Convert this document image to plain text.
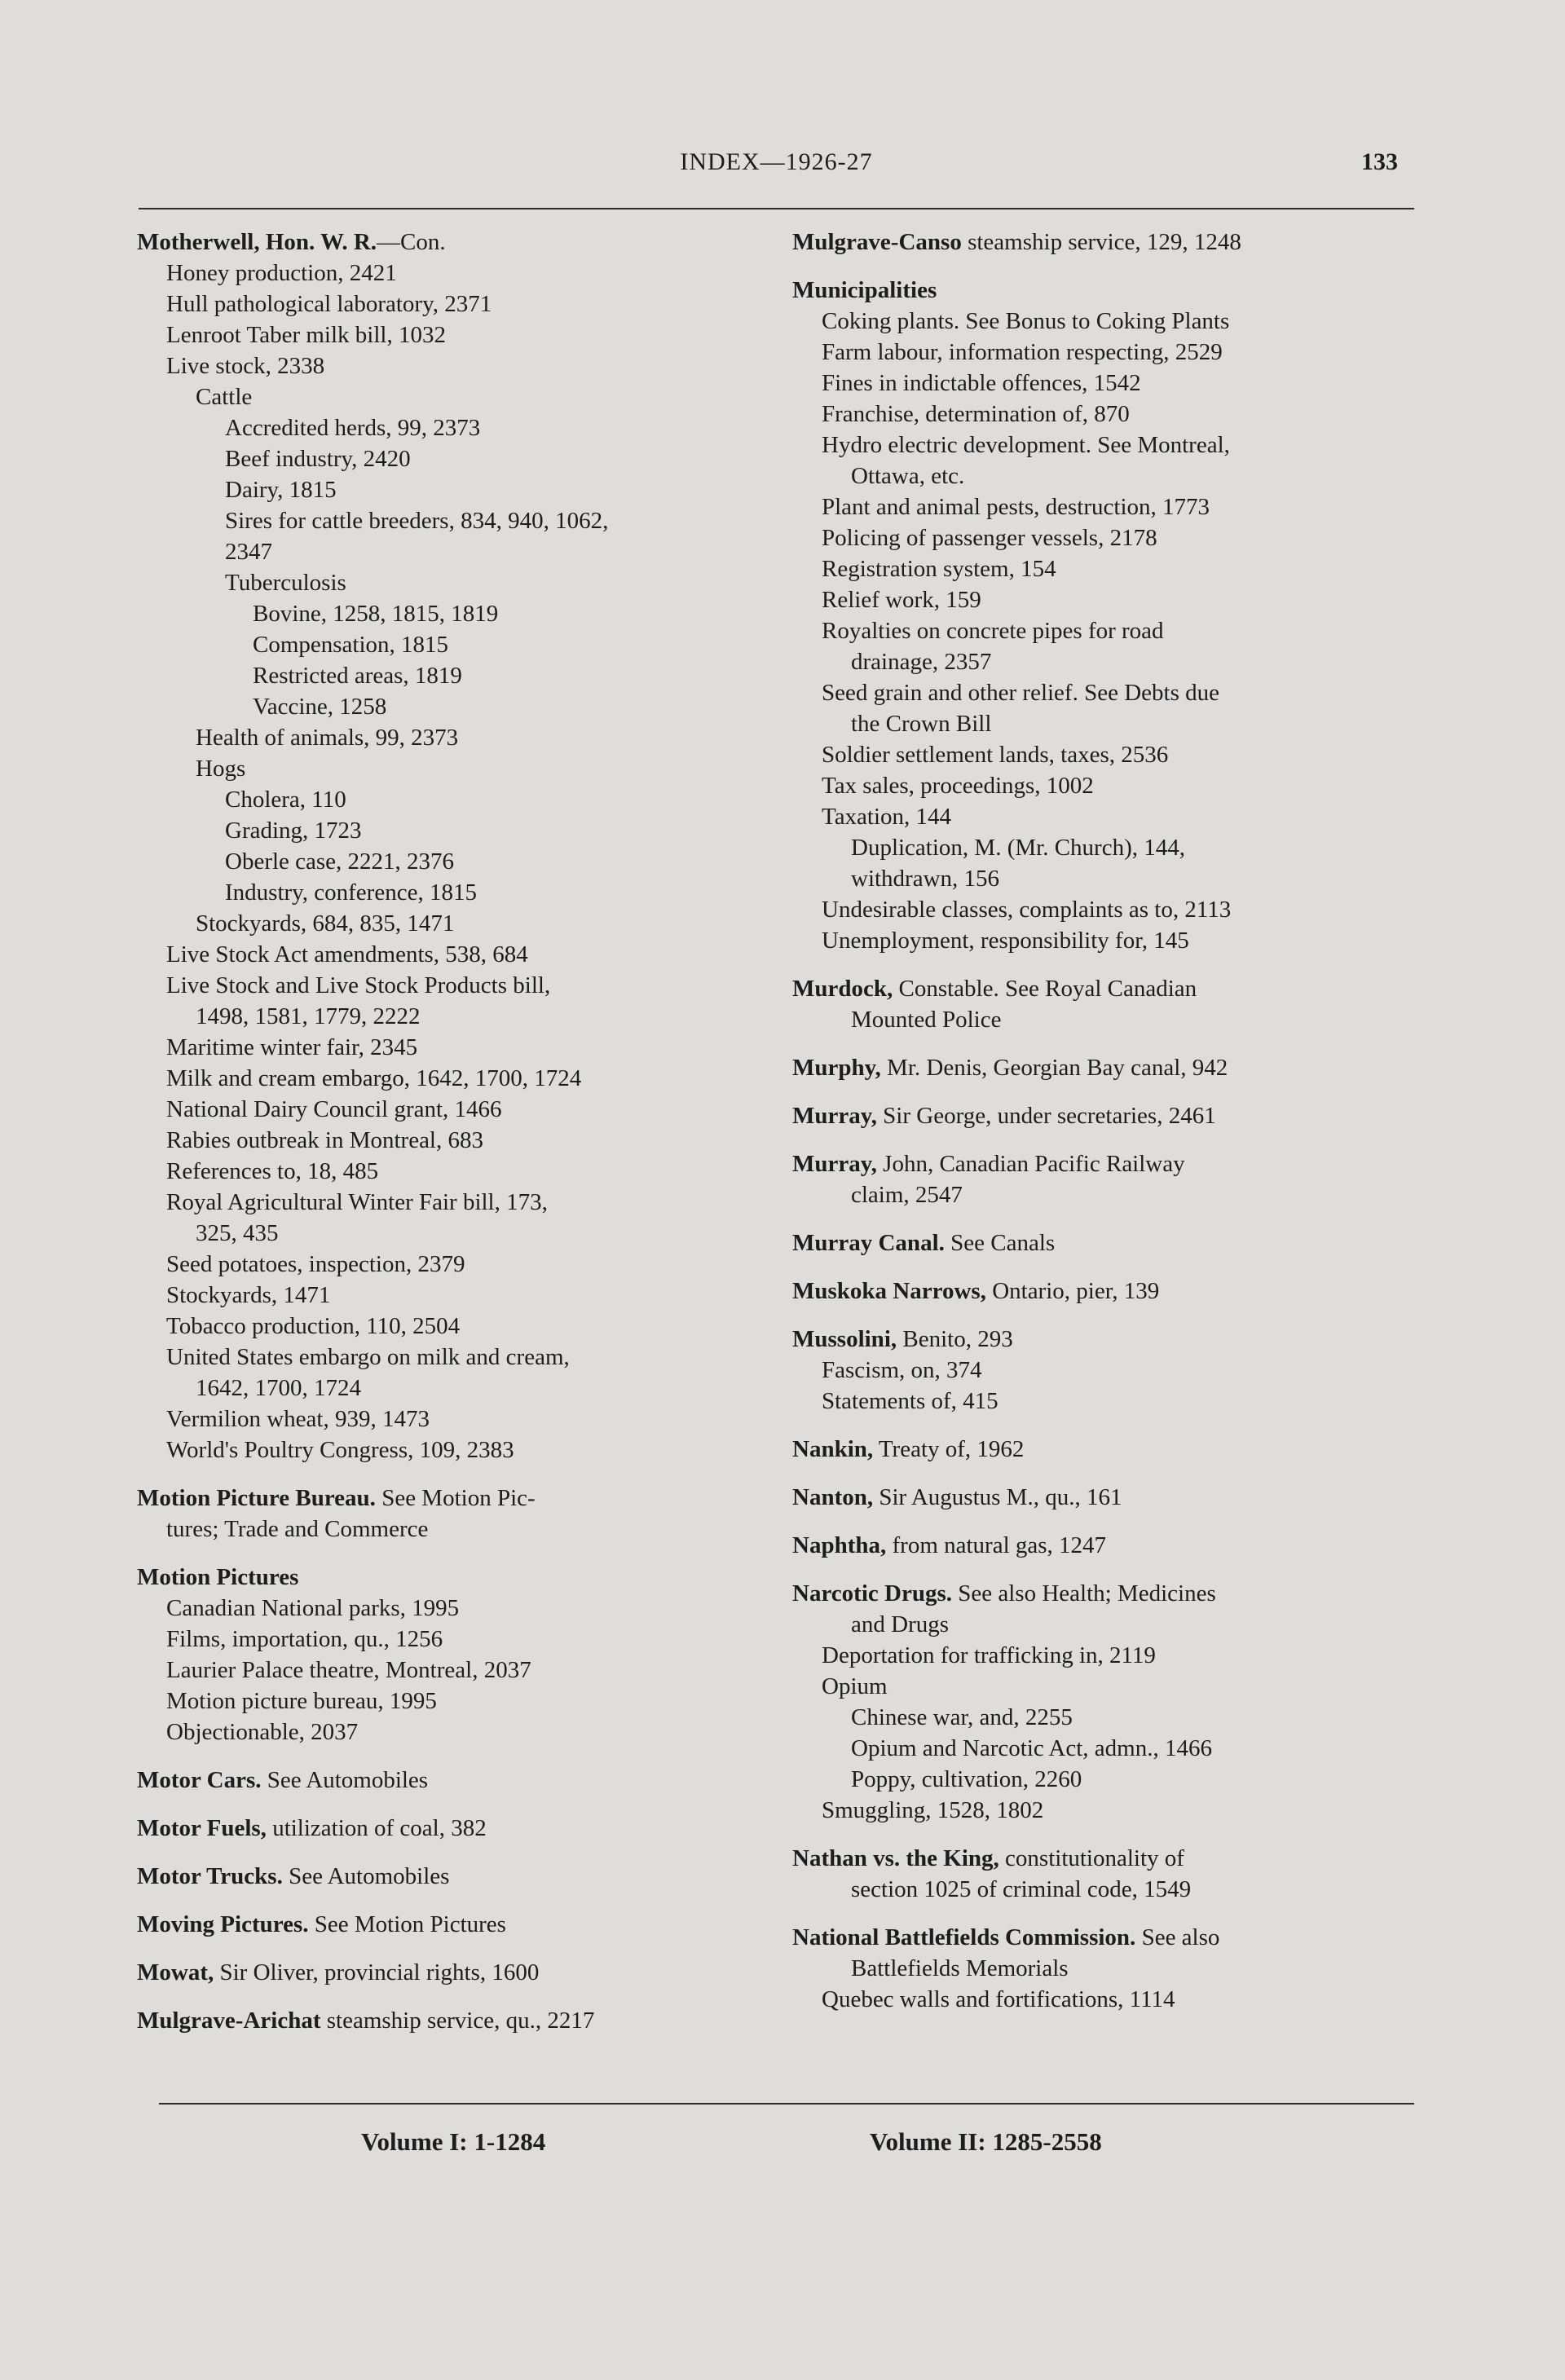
INDEX—1926-27	133
Motherwell, Hon. W. R.—Con.
Honey production, 2421
Hull pathological laboratory, 2371
Lenroot Taber milk bill, 1032
Live stock, 2338
Cattle
Accredited herds, 99, 2373
Beef industry, 2420
Dairy, 1815
Sires for cattle breeders, 834, 940, 1062,
2347
Tuberculosis
Bovine, 1258, 1815, 1819
Compensation, 1815
Restricted areas, 1819
Vaccine, 1258
Health of animals, 99, 2373
Hogs
Cholera, 110
Grading, 1723
Oberle case, 2221, 2376
Industry, conference, 1815
Stockyards, 684, 835, 1471
Live Stock Act amendments, 538, 684
Live Stock and Live Stock Products bill,
1498, 1581, 1779, 2222
Maritime winter fair, 2345
Milk and cream embargo, 1642, 1700, 1724
National Dairy Council grant, 1466
Rabies outbreak in Montreal, 683
References to, 18, 485
Royal Agricultural Winter Fair bill, 173,
325, 435
Seed potatoes, inspection, 2379
Stockyards, 1471
Tobacco production, 110, 2504
United States embargo on milk and cream,
1642, 1700, 1724
Vermilion wheat, 939, 1473
World's Poultry Congress, 109, 2383
Motion Picture Bureau. See Motion Pic-
tures; Trade and Commerce
Motion Pictures
Canadian National parks, 1995
Films, importation, qu., 1256
Laurier Palace theatre, Montreal, 2037
Motion picture bureau, 1995
Objectionable, 2037
Motor Cars. See Automobiles
Motor Fuels, utilization of coal, 382
Motor Trucks. See Automobiles
Moving Pictures. See Motion Pictures
Mowat, Sir Oliver, provincial rights, 1600
Mulgrave-Arichat steamship service, qu., 2217
Mulgrave-Canso steamship service, 129, 1248
Municipalities
Coking plants. See Bonus to Coking Plants
Farm labour, information respecting, 2529
Fines in indictable offences, 1542
Franchise, determination of, 870
Hydro electric development. See Montreal,
Ottawa, etc.
Plant and animal pests, destruction, 1773
Policing of passenger vessels, 2178
Registration system, 154
Relief work, 159
Royalties on concrete pipes for road
drainage, 2357
Seed grain and other relief. See Debts due
the Crown Bill
Soldier settlement lands, taxes, 2536
Tax sales, proceedings, 1002
Taxation, 144
Duplication, M. (Mr. Church), 144,
withdrawn, 156
Undesirable classes, complaints as to, 2113
Unemployment, responsibility for, 145
Murdock, Constable. See Royal Canadian
Mounted Police
Murphy, Mr. Denis, Georgian Bay canal, 942
Murray, Sir George, under secretaries, 2461
Murray, John, Canadian Pacific Railway
claim, 2547
Murray Canal. See Canals
Muskoka Narrows, Ontario, pier, 139
Mussolini, Benito, 293
Fascism, on, 374
Statements of, 415
Nankin, Treaty of, 1962
Nanton, Sir Augustus M., qu., 161
Naphtha, from natural gas, 1247
Narcotic Drugs. See also Health; Medicines
and Drugs
Deportation for trafficking in, 2119
Opium
Chinese war, and, 2255
Opium and Narcotic Act, admn., 1466
Poppy, cultivation, 2260
Smuggling, 1528, 1802
Nathan vs. the King, constitutionality of
section 1025 of criminal code, 1549
National Battlefields Commission. See also
Battlefields Memorials
Quebec walls and fortifications, 1114
Volume I: 1-1284	Volume II: 1285-2558
